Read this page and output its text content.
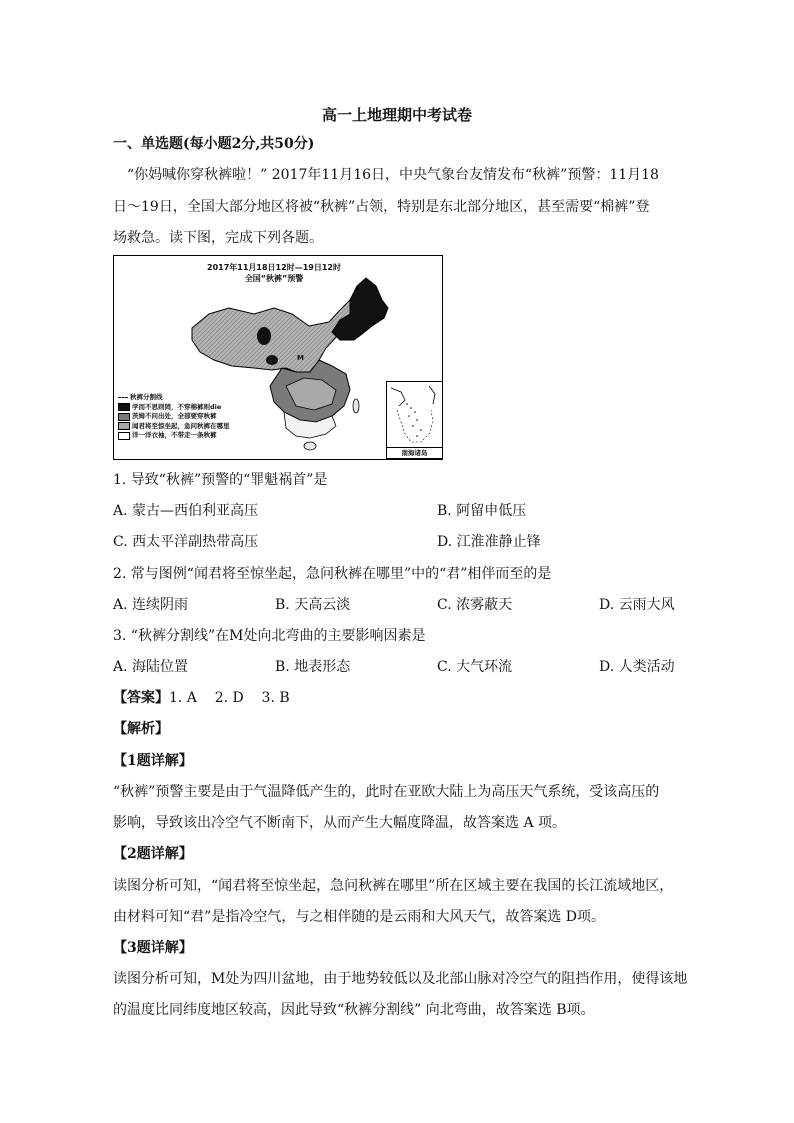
高一上地理期中考试卷
一、单选题(每小题2分,共50分)
“你妈喊你穿秋裤啦！” 2017年11月16日，中央气象台友情发布“秋裤”预警：11月18
日～19日，全国大部分地区将被“秋裤”占领，特别是东北部分地区，甚至需要“棉裤”登
场救急。读下图，完成下列各题。
2017年11月18日12时—19日12时
全国“秋裤”预警
M
秋裤分割线
学而不思则罔，不穿棉裤则die
茨姆不问出处，全部要穿秋裤
闻君将至惊坐起，急问秋裤在哪里
洋一洋衣袖，不带走一条秋裤
南海诸岛
1. 导致“秋裤”预警的“罪魁祸首”是
A. 蒙古—西伯利亚高压	B. 阿留申低压
C. 西太平洋副热带高压	D. 江淮准静止锋
2. 常与图例“闻君将至惊坐起，急问秋裤在哪里”中的“君”相伴而至的是
A. 连续阴雨	B. 天高云淡	C. 浓雾蔽天	D. 云雨大风
3. “秋裤分割线”在M处向北弯曲的主要影响因素是
A. 海陆位置	B. 地表形态	C. 大气环流	D. 人类活动
【答案】1. A    2. D    3. B
【解析】
【1题详解】
“秋裤”预警主要是由于气温降低产生的，此时在亚欧大陆上为高压天气系统，受该高压的
影响，导致该出冷空气不断南下，从而产生大幅度降温，故答案选 A 项。
【2题详解】
读图分析可知，“闻君将至惊坐起，急问秋裤在哪里”所在区域主要在我国的长江流域地区，
由材料可知“君”是指冷空气，与之相伴随的是云雨和大风天气，故答案选 D项。
【3题详解】
读图分析可知，M处为四川盆地，由于地势较低以及北部山脉对冷空气的阻挡作用，使得该地
的温度比同纬度地区较高，因此导致“秋裤分割线” 向北弯曲，故答案选 B项。
